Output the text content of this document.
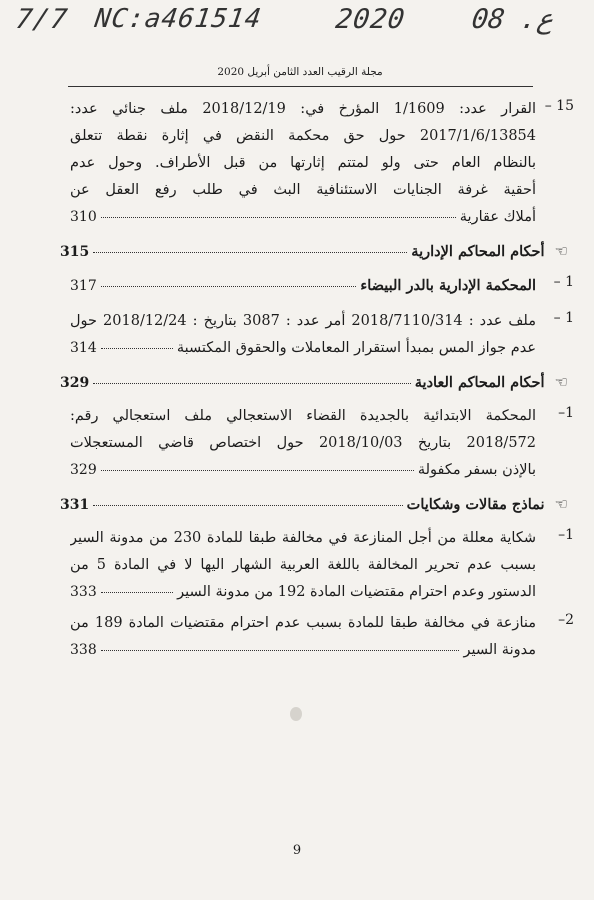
7/7 NC:a461514	2020 ع. 08
مجلة الرقيب العدد الثامن أبريل 2020
15 –
القرار عدد: 1/1609 المؤرخ في: 2018/12/19 ملف جنائي عدد:
2017/1/6/13854 حول حق محكمة النقض في إثارة نقطة تتعلق
بالنظام العام حتى ولو لمتتم إثارتها من قبل الأطراف. وحول عدم
أحقية غرفة الجنايات الاستئنافية البث في طلب رفع العقل عن
أملاك عقارية
310
☜
أحكام المحاكم الإدارية
315
1 –
المحكمة الإدارية بالدر البيضاء
317
1 –
ملف عدد : 2018/7110/314 أمر عدد : 3087 بتاريخ : 2018/12/24 حول
عدم جواز المس بمبدأ استقرار المعاملات والحقوق المكتسبة
314
☜
أحكام المحاكم العادية
329
1–
المحكمة الابتدائية بالجديدة القضاء الاستعجالي ملف استعجالي رقم:
2018/572 بتاريخ 2018/10/03 حول اختصاص قاضي المستعجلات
بالإذن بسفر مكفولة
329
☜
نماذج مقالات وشكايات
331
1–
شكاية معللة من أجل المنازعة في مخالفة طبقا للمادة 230 من مدونة السير
بسبب عدم تحرير المخالفة باللغة العربية الشهار اليها لا في المادة 5 من
الدستور وعدم احترام مقتضيات المادة 192 من مدونة السير
333
2–
منازعة في مخالفة طبقا للمادة بسبب عدم احترام مقتضيات المادة 189 من
مدونة السير
338
9
